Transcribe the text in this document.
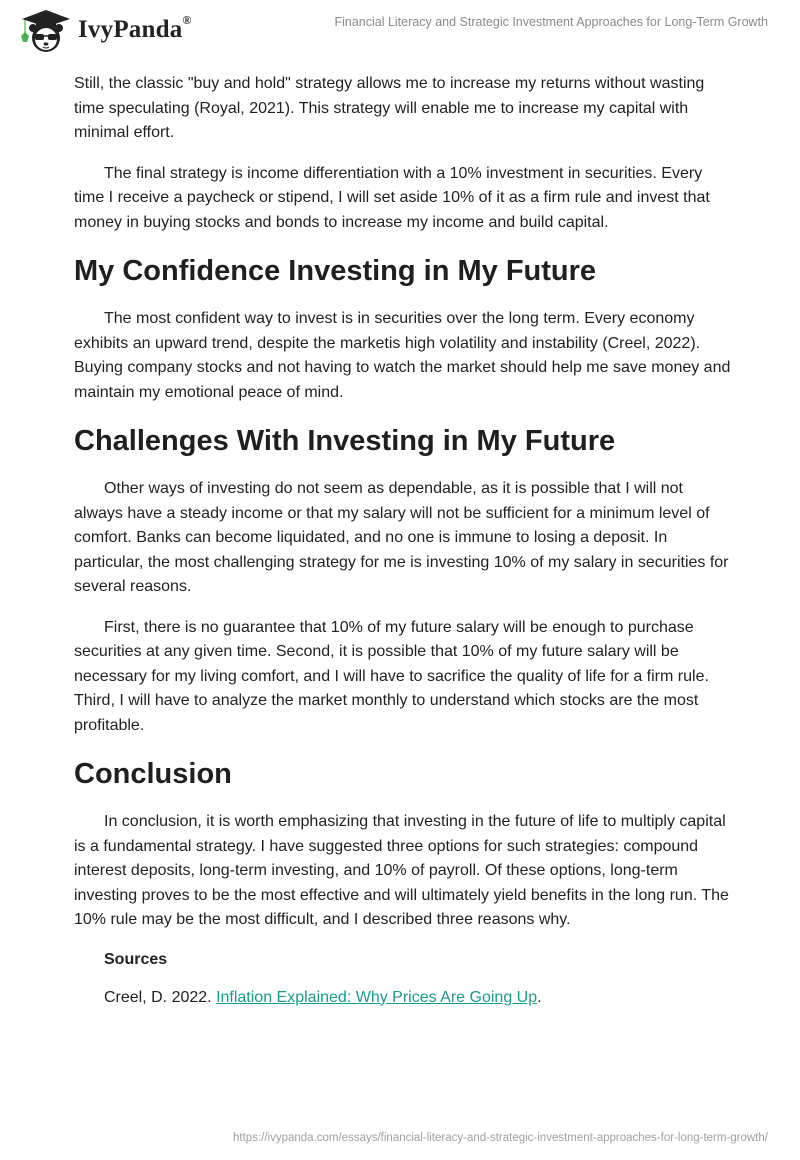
IvyPanda®	Financial Literacy and Strategic Investment Approaches for Long-Term Growth

Still, the classic "buy and hold" strategy allows me to increase my returns without wasting time speculating (Royal, 2021). This strategy will enable me to increase my capital with minimal effort.

The final strategy is income differentiation with a 10% investment in securities. Every time I receive a paycheck or stipend, I will set aside 10% of it as a firm rule and invest that money in buying stocks and bonds to increase my income and build capital.

My Confidence Investing in My Future

The most confident way to invest is in securities over the long term. Every economy exhibits an upward trend, despite the marketis high volatility and instability (Creel, 2022). Buying company stocks and not having to watch the market should help me save money and maintain my emotional peace of mind.

Challenges With Investing in My Future

Other ways of investing do not seem as dependable, as it is possible that I will not always have a steady income or that my salary will not be sufficient for a minimum level of comfort. Banks can become liquidated, and no one is immune to losing a deposit. In particular, the most challenging strategy for me is investing 10% of my salary in securities for several reasons.

First, there is no guarantee that 10% of my future salary will be enough to purchase securities at any given time. Second, it is possible that 10% of my future salary will be necessary for my living comfort, and I will have to sacrifice the quality of life for a firm rule. Third, I will have to analyze the market monthly to understand which stocks are the most profitable.

Conclusion

In conclusion, it is worth emphasizing that investing in the future of life to multiply capital is a fundamental strategy. I have suggested three options for such strategies: compound interest deposits, long-term investing, and 10% of payroll. Of these options, long-term investing proves to be the most effective and will ultimately yield benefits in the long run. The 10% rule may be the most difficult, and I described three reasons why.

Sources
Creel, D. 2022. Inflation Explained: Why Prices Are Going Up.
https://ivypanda.com/essays/financial-literacy-and-strategic-investment-approaches-for-long-term-growth/
